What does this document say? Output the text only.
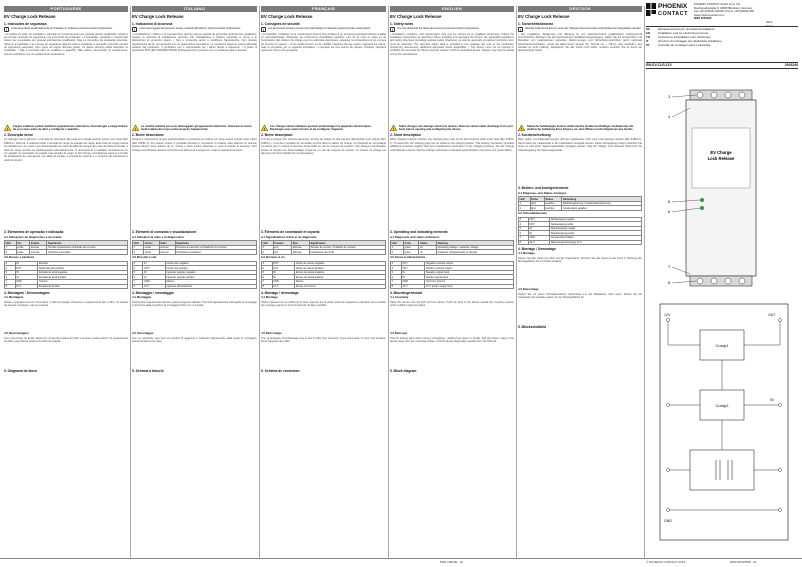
PORTUGUÊSE
EV Charge Lock Release
1. Instruções de segurança
i	A documentação atualizada pode ser baixada no endereço phoenixcontact.net/products.
• O módulo só pode ser instalado e colocado em funcionamento por pessoal técnico qualificado. Observe as normas nacionais de segurança e de prevenção de acidentes. • A instalação, operação e manutenção devem ser executadas por pessoal eletrotécnico qualificado. Siga as instruções de instalação descritas. Observe a legislação e as normas de segurança vigentes para a instalação e operação (incluindo normas de segurança nacionais), bem como as regras técnicas gerais. Os dados técnicos estão descritos no certificado. • Não é permitido abrir ou modificar o aparelho. Não realize manutenção no equipamento, apenas substitua-o por um equipamento equivalente.
! Cargas estáticas podem danificar equipamentos eletrônicos. Descarregar a carga elétrica de seu corpo antes de abrir e configurar o aparelho.
2. Descrição breve
Ao carregar carros elétricos, a tomada de carrocaria não pode ser retirada quando estiver sob carga (IEC 61851-1). Para tal, é possível travar a tomada de carga na estação de carga. Esta trava de carga precisa ser ativada com um motor e ser desbloqueada em caso de falha de energia. Em caso de falha da tensão, a trava de carga precisa ser desbloqueada automaticamente. O acionamento é realizado normalmente por um atuador no controlador do estado e da estação de carga. O EV Charge Lock Release assume a função de desbloqueio de emergência com falha da tensão. A entrada de controle e o conector são acessíveis a partir do interior.
3. Elementos de operação e indicação
3.1 Indicações de diagnóstico e de estado
LED	Cor	Estado	Significado
1	verde	acende	Tensão operacional e limitação de corrente
2	verde	acende	Condutor conectado
3.2 Bornes e parafuso
3	IN	Entrada
4	OUT	Saída da rede positiva
5	IN	Entrada de sinal negativa
6	IN	Entrada de sinal positiva
7	GND	Ground
8	12 V	Entrada de tensão
4. Montagem / Desmontagem
4.1 Montagem
Instale o equipamento por cima sobre o trilho de fixação. Pressione o equipamento até o trilho, no sentido da área de montagem, até se encaixar.
4.2 Desmontagem
Com uma chave de fenda, afaste de a trava de encaixe do trilho e levante a parte inferior do equipamento do trilho, para depois retirá-lo do trilho de fixação.
5. Diagrama de bloco
ITALIANO
EV Charge Lock Release
1. Indicazioni di sicurezza
i	I documenti aggiornati possono essere scaricati all'indirizzo phoenixcontact.net/products.
• L'installazione, l'utilizzo e la manutenzione devono essere eseguiti da personale elettrotecnico qualificato. Seguire le istruzioni di installazione descritte. Per l'installazione e l'utilizzo rispettare le norme e le disposizioni di sicurezza vigenti. • Non è consentito aprire o modificare l'apparecchio. Non riparare l'apparecchio da sé, ma sostituirlo con un apparecchio equivalente. Le riparazioni possono essere effettuate soltanto dal produttore. Il produttore non è responsabile per i danni dovuti a violazione. • Il grado di protezione IP20 (IEC 60529/EN 60529) dell'apparecchio è previsto per un ambiente pulito e asciutto.
! Le cariche statiche possono danneggiare gli apparecchi elettronici. Scaricare la carica elettrostatica del corpo prima di aprire l'apparecchio.
2. Breve descrizione
Durante il caricamento di auto elettriche/ibride il connettore di ricarica non deve essere estratto sotto carico (IEC 61851-1). Per questo motivo è possibile bloccare il connettore di ricarica nella stazione di ricarica. Questo blocco viene attivato da un motore e deve essere sbloccato in caso di caduta di tensione. L'EV Charge Lock Release assume la funzione di sblocco di emergenza in caso di caduta di tensione.
3. Elementi di comando e visualizzazione
3.1 Indicatori di stato e di diagnostica
LED	Colore	Stato	Significato
1	verde	acceso	Tensione di esercizio e limitazione di corrente
2	verde	acceso	Conduttore conduttore
3.2 Morsetti a vite
3	IN	Uscita rete negativa
4	OUT	Uscita rete positiva
5	IN	Ingresso segnale negativo
6	IN	Ingresso segnale positivo
7	GND	Massa
8	12 V	Ingresso alimentazione
4. Montaggio / smontaggio
4.1 Montaggio
Posizionare l'apparecchio dal lato guida di supporto dall'alto. Premere l'apparecchio sulla guida di montaggio in direzione della superficie di montaggio finché non si innesta.
4.2 Smontaggio
Con un cacciavite, fare leva sul piedino di aggancio e sollevare l'apparecchio dalla guida di montaggio, quindi estrarlo verso l'alto.
5. Schema a blocchi
FRANÇAIS
EV Charge Lock Release
1. Consignes de sécurité
i	Les documents actuels peuvent être téléchargés à l'adresse phoenixcontact.net/products.
• L'installation, l'utilisation et la maintenance doivent être confiées à un personnel spécialisé dûment qualifié en électrotechnique. Respecter les instructions d'installation décrites. Lors de la mise en place et de l'exploitation des stations de charge pour les véhicules électriques, respecter les dispositions et les normes de sécurité en vigueur. • Il est interdit d'ouvrir ou de modifier l'appareil. Ne pas réparer l'appareil soi-même, mais le remplacer par un appareil équivalent. • L'appareil est une source de risques. Protégez l'appareil contre les chocs et la poussière.
! Les charges électrostatiques peuvent endommager les appareils électroniques. Déchargez-vous avant d'ouvrir et de configurer l'appareil.
2. Brève description
Lors de la charge d'un véhicule électrique, la fiche de charge ne doit pas être débranchée sous charge (IEC 61851-1). Il est donc possible de verrouiller la fiche dans la station de charge. Ce dispositif de verrouillage est activé par un moteur et doit être déverrouillé en cas de coupure de courant. L'EV Charge Lock Release assure la fonction de déverrouillage d'urgence en cas de coupure de tension. Le réseau de charge est alimenté par l'intermédiaire de condensateurs.
3. Éléments de commande et voyants
3.1 Signalisations d'état et de diagnostic
LED	Couleur	État	Signification
1	vert	allumée	Tension de service / limitation de courant
2	vert	allumée	Conducteur raccordé
3.2 Borniers à vis
3	OUT	Sortie de réseau négative
4	OUT	Sortie de réseau positive
5	IN	Entrée de signal négative
6	IN	Entrée de signal positive
7	GND	Masse
8	12 V	Entrée de tension
4. Montage / démontage
4.1 Montage
Placer l'appareil sur le profilé par le haut. Appuyer sur la partie avant de l'appareil en direction de la surface de montage jusqu'à ce qu'il s'enclenche de façon audible.
4.2 Démontage
Tirer la languette d'encliquetage vers le bas à l'aide d'un tournevis, d'une pince plate ou d'un outil similaire. Sortir l'appareil du profilé.
5. Schéma de connexion
ENGLISH
EV Charge Lock Release
1. Safety notes
i	You can download the latest documents at phoenixcontact.net/products.
• Installation, operation, and maintenance may only be carried out by qualified electricians. Follow the installation instructions as described. When installing and operating the device, the applicable regulations and safety directives (including national safety directives), as well as generally recognized technical rules, must be observed. The technical safety data is provided in this package slip and on the certificates (conformity assessment, additional approvals where applicable). • The device must not be opened or modified. Do not repair the device yourself, replace it with an equivalent device. Repairs may only be carried out by the manufacturer.
! Static charges can damage electronic devices. Remove electrostatic discharge from your body before opening and configuring the device.
2. Short description
When charging electric vehicles, the charging plug must not be disconnected while under load (IEC 61851-1). To avoid this, the charging plug can be locked in the charging station. This locking mechanism provides additional protection against theft and unauthorized interruption of the charging process. The EV Charge Lock Release ensures that the locking mechanism is released automatically in the event of a power failure.
3. Operating and indicating elements
3.1 Diagnostic and status indicators
LED	Color	Status	Meaning
1	green	on	Operating voltage / capacitor voltage
2	green	on	Capacitor charged/ready to operate
3.2 Screw terminal blocks
3	OUT	Negative network output
4	OUT	Positive network output
5	IN	Negative signal input
6	IN	Positive signal input
7	GND	Common ground
8	12 V	12 V power supply input
4. Mounting/removal
4.1 Assembly
Place the device onto the DIN rail from above. Push the front of the device toward the mounting surface until it audibly snaps into place.
4.2 Removal
Pull the locking latch down using a screwdriver, needle-nose pliers or similar. Pull the bottom edge of the device away from the mounting surface. Pull the device diagonally upwards from the DIN rail.
5. Block diagram
DEUTSCH
EV Charge Lock Release
1. Sicherheitshinweise
i	Aktuelle Dokumente können unter der Adresse phoenixcontact.net/produkte heruntergeladen werden.
• Die Installation, Bedienung und Wartung ist von elektrotechnisch qualifiziertem Fachpersonal durchzuführen. Befolgen Sie die beschriebenen Installationsanweisungen. Halten Sie die bei Errichten und Betreiben von Ladestationen geltenden Bestimmungen und Sicherheitsvorschriften (auch nationale Sicherheitsvorschriften), sowie die allgemeinen Regeln der Technik ein. • Öffnen oder Verändern des Gerätes ist nicht zulässig. Reparieren Sie das Gerät nicht selbst, sondern ersetzen Sie es durch ein gleichwertiges Gerät.
! Statische Aufladungen können elektronische Geräte beschädigen. Entladen Sie die elektrische Aufladung Ihres Körpers vor dem Öffnen und Konfigurieren des Geräts.
2. Kurzbeschreibung
Beim Laden von Elektrofahrzeugen darf der Ladestecker nicht unter Last gezogen werden (IEC 61851-1). Hierzu kann der Ladestecker in der Ladestation verriegelt werden. Diese Verriegelung erfolgt motorisch und muss im Fall eines Spannungsausfalls entriegelt werden. Das EV Charge Lock Release übernimmt die Notentriegelung bei Spannungsausfall.
3. Bedien- und Anzeigeelemente
3.1 Diagnose- und Status-Anzeigen
LED	Farbe	Status	Bedeutung
1	grün	leuchtet	Betriebsspannung / Kondensatorspannung
2	grün	leuchtet	Kondensator geladen
3.2 Schraubklemmen
3	OUT	Netzausgang negativ
4	OUT	Netzausgang positiv
5	IN	Signaleingang negativ
6	IN	Signaleingang positiv
7	GND	Gemeinsame Masse
8	12 V	Spannungsversorgung 12 V
4. Montage / Demontage
4.1 Montage
Setzen Sie das Gerät von oben auf die Tragschiene. Drücken Sie das Gerät an der Front in Richtung der Montagefläche bis es hörbar einrastet.
4.2 Demontage
Ziehen Sie mit einem Schraubendreher, Spitzzange o.ä. die Rastlasche nach unten. Ziehen Sie die Unterkante des Gerätes etwas von der Montagefläche ab.
5. Blockschaltbild
PHOENIX
CONTACT
PHOENIX CONTACT GmbH & Co. KG
Flachsmarktstraße 8, 32825 Blomberg, Germany
Fax +49-(0)5235-341200, Phone +49-(0)5235-300
www.phoenixcontact.com
MNR 9063966
2013-03-12
DE	Einbauanweisung für den Elektroinstallateur
EN	Installation note for electrical personnel
FR	Instructions d'installation pour l'électricien
IT	Istruzioni di montaggio per l'elettricista installatore
PT	Instrução de montagem para o eletricista
EM-EV-CLR-12V	2903246
EV Charge
Lock Release
3
4
5
6
7
8
Comp1
Comp2
12V
GND
OUT
IN
© PHOENIX CONTACT 2013
PNR 106400 - 01	DNR 83137508 - 01
